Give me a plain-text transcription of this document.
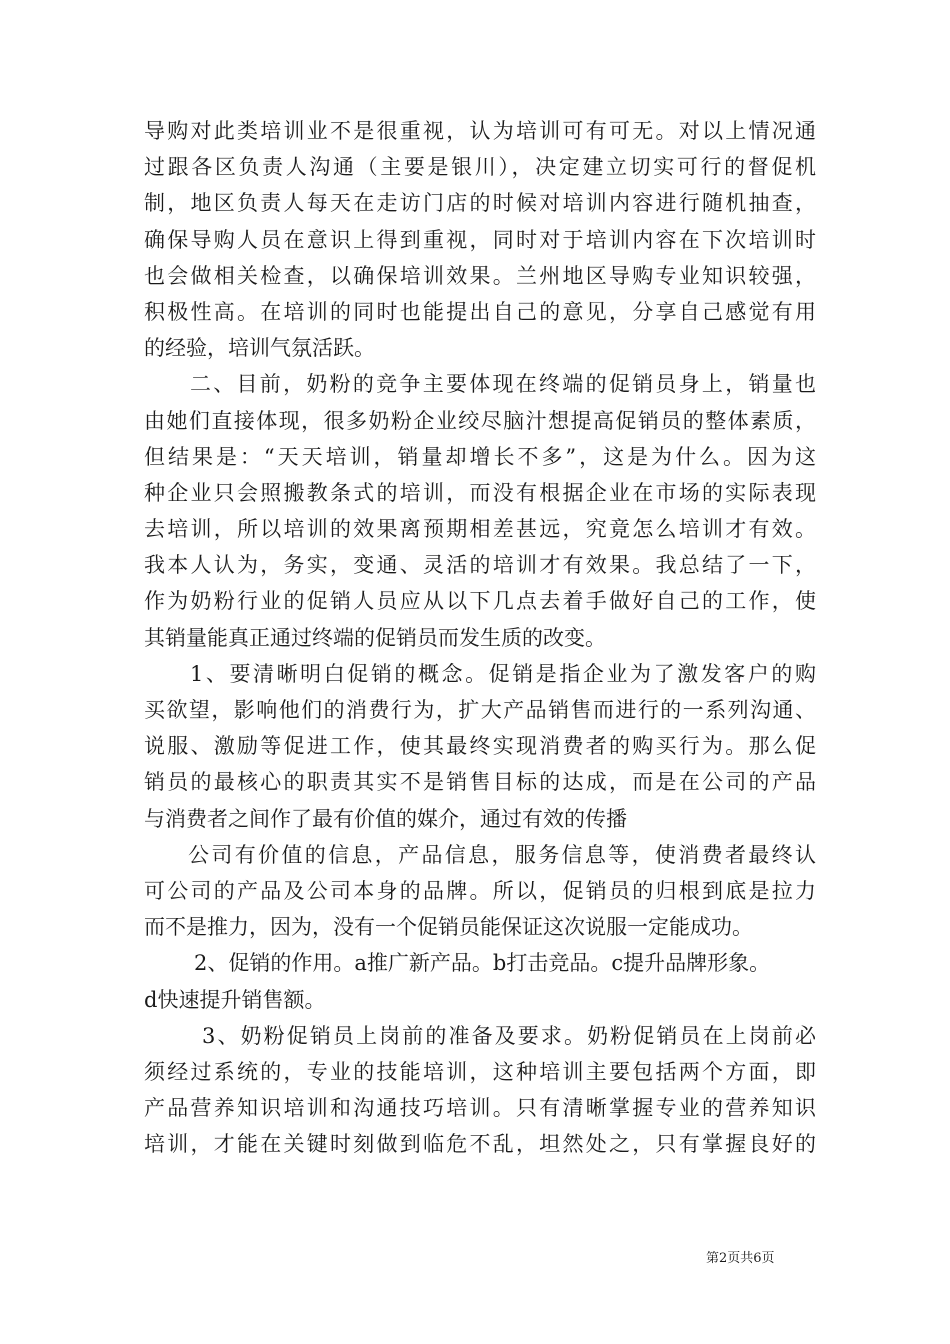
导购对此类培训业不是很重视，认为培训可有可无。对以上情况通
过跟各区负责人沟通（主要是银川），决定建立切实可行的督促机
制，地区负责人每天在走访门店的时候对培训内容进行随机抽查，
确保导购人员在意识上得到重视，同时对于培训内容在下次培训时
也会做相关检查，以确保培训效果。兰州地区导购专业知识较强，
积极性高。在培训的同时也能提出自己的意见，分享自己感觉有用
的经验，培训气氛活跃。
二、目前，奶粉的竞争主要体现在终端的促销员身上，销量也
由她们直接体现，很多奶粉企业绞尽脑汁想提高促销员的整体素质，
但结果是：“天天培训，销量却增长不多”，这是为什么。因为这
种企业只会照搬教条式的培训，而没有根据企业在市场的实际表现
去培训，所以培训的效果离预期相差甚远，究竟怎么培训才有效。
我本人认为，务实，变通、灵活的培训才有效果。我总结了一下，
作为奶粉行业的促销人员应从以下几点去着手做好自己的工作，使
其销量能真正通过终端的促销员而发生质的改变。
1、要清晰明白促销的概念。促销是指企业为了激发客户的购
买欲望，影响他们的消费行为，扩大产品销售而进行的一系列沟通、
说服、激励等促进工作，使其最终实现消费者的购买行为。那么促
销员的最核心的职责其实不是销售目标的达成，而是在公司的产品
与消费者之间作了最有价值的媒介，通过有效的传播
公司有价值的信息，产品信息，服务信息等，使消费者最终认
可公司的产品及公司本身的品牌。所以，促销员的归根到底是拉力
而不是推力，因为，没有一个促销员能保证这次说服一定能成功。
2、促销的作用。a推广新产品。b打击竞品。c提升品牌形象。
d快速提升销售额。
3、奶粉促销员上岗前的准备及要求。奶粉促销员在上岗前必
须经过系统的，专业的技能培训，这种培训主要包括两个方面，即
产品营养知识培训和沟通技巧培训。只有清晰掌握专业的营养知识
培训，才能在关键时刻做到临危不乱，坦然处之，只有掌握良好的
第2页共6页
